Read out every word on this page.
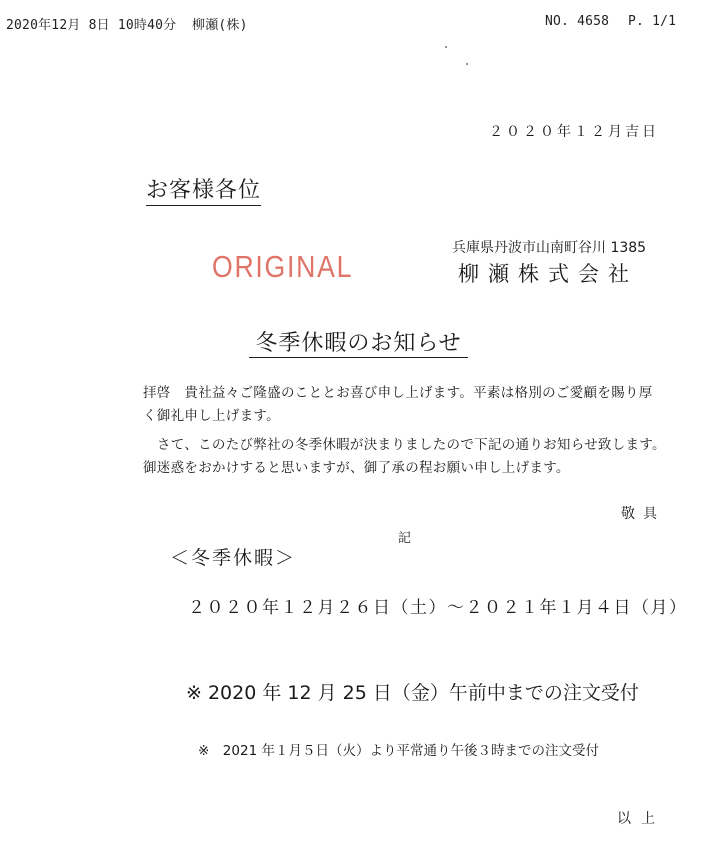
2020年12月 8日 10時40分 柳瀬(株)	NO. 4658 P. 1/1
２０２０年１２月吉日
お客様各位
ORIGINAL
兵庫県丹波市山南町谷川 1385
柳瀬株式会社
冬季休暇のお知らせ
拝啓　貴社益々ご隆盛のこととお喜び申し上げます。平素は格別のご愛顧を賜り厚
く御礼申し上げます。
さて、このたび弊社の冬季休暇が決まりましたので下記の通りお知らせ致します。
御迷惑をおかけすると思いますが、御了承の程お願い申し上げます。
敬具
記
＜冬季休暇＞
２０２０年１２月２６日（土）～２０２１年１月４日（月）
※ 2020 年 12 月 25 日（金）午前中までの注文受付
※　2021 年１月５日（火）より平常通り午後３時までの注文受付
以上
